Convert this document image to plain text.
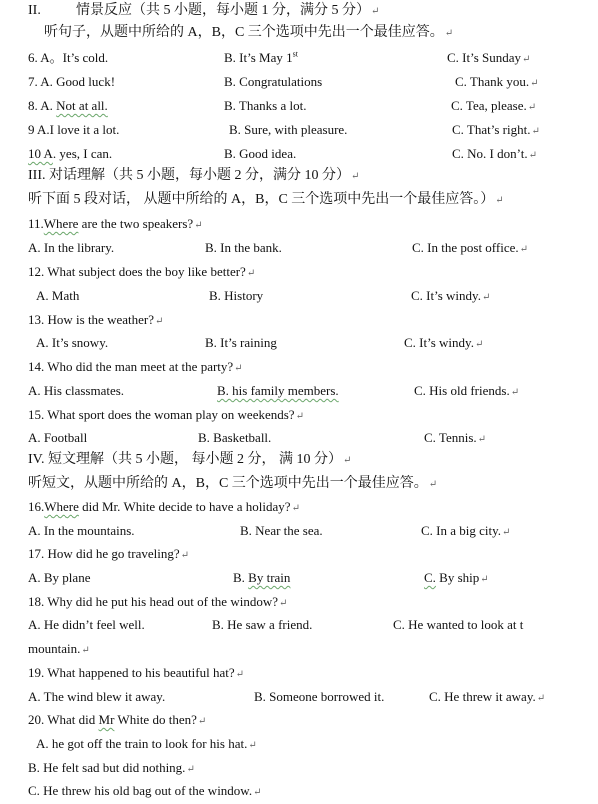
II.	情景反应（共 5 小题，每小题 1 分，满分 5 分）↵
听句子，从题中所给的 A，B，C 三个选项中先出一个最佳应答。↵
6. A。It’s cold.	B. It’s May 1st	C. It’s Sunday↵
7. A. Good luck!	B. Congratulations	C. Thank you.↵
8. A. Not at all.	B. Thanks a lot.	C. Tea, please.↵
9 A.I love it a lot.	B. Sure, with pleasure.	C. That’s right.↵
10 A. yes, I can.	B. Good idea.	C. No. I don’t.↵
III. 对话理解（共 5 小题，每小题 2 分，满分 10 分）↵
听下面 5 段对话， 从题中所给的 A，B，C 三个选项中先出一个最佳应答。）↵
11.Where are the two speakers?↵
A. In the library.	B. In the bank.	C. In the post office.↵
12. What subject does the boy like better?↵
A. Math	B. History	C. It’s windy.↵
13. How is the weather?↵
A. It’s snowy.	B. It’s raining	C. It’s windy.↵
14. Who did the man meet at the party?↵
A. His classmates.	B. his family members.	C. His old friends.↵
15. What sport does the woman play on weekends?↵
A. Football	B. Basketball.	C. Tennis.↵
IV. 短文理解（共 5 小题， 每小题 2 分， 满 10 分）↵
听短文，从题中所给的 A，B，C 三个选项中先出一个最佳应答。↵
16.Where did Mr. White decide to have a holiday?↵
A. In the mountains.	B. Near the sea.	C. In a big city.↵
17. How did he go traveling?↵
A. By plane	B. By train	C. By ship↵
18. Why did he put his head out of the window?↵
A. He didn’t feel well.	B. He saw a friend.	C. He wanted to look at t
mountain.↵
19. What happened to his beautiful hat?↵
A. The wind blew it away.	B. Someone borrowed it.	C. He threw it away.↵
20. What did Mr White do then?↵
A. he got off the train to look for his hat.↵
B. He felt sad but did nothing.↵
C. He threw his old bag out of the window.↵
